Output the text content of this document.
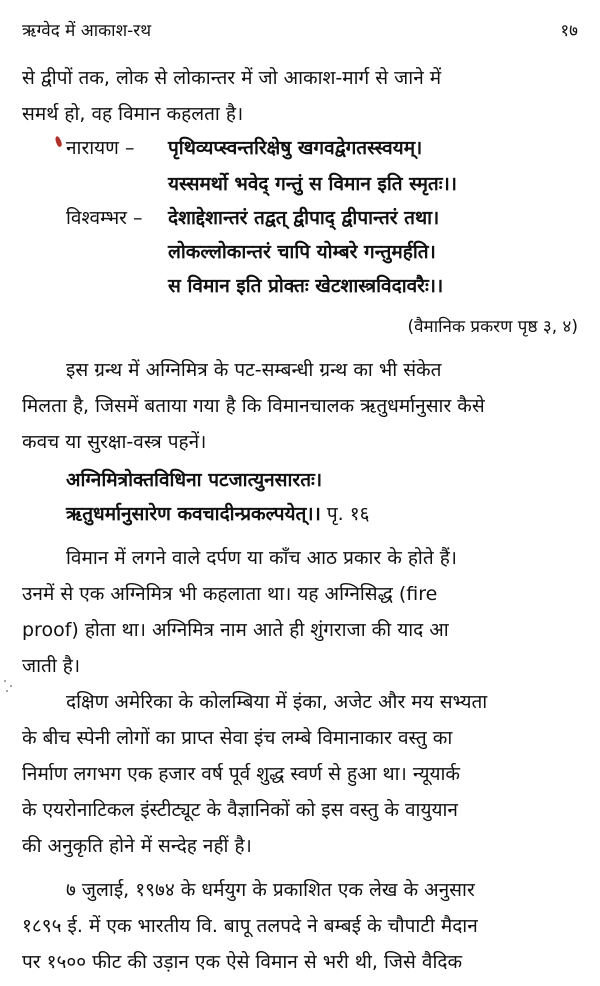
ऋग्वेद में आकाश-रथ	१७
से द्वीपों तक, लोक से लोकान्तर में जो आकाश-मार्ग से जाने में
समर्थ हो, वह विमान कहलता है।
नारायण – पृथिव्यप्स्वन्तरिक्षेषु खगवद्वेगतस्स्वयम्।
यस्समर्थो भवेद् गन्तुं स विमान इति स्मृतः।।
विश्वम्भर – देशाद्देशान्तरं तद्वत् द्वीपाद् द्वीपान्तरं तथा।
लोकल्लोकान्तरं चापि योम्बरे गन्तुमर्हति।
स विमान इति प्रोक्तः खेटशास्त्रविदावरैः।।
(वैमानिक प्रकरण पृष्ठ ३, ४)
इस ग्रन्थ में अग्निमित्र के पट-सम्बन्धी ग्रन्थ का भी संकेत
मिलता है, जिसमें बताया गया है कि विमानचालक ऋतुधर्मानुसार कैसे
कवच या सुरक्षा-वस्त्र पहनें।
अग्निमित्रोक्तविधिना पटजात्युनसारतः।
ऋतुधर्मानुसारेण कवचादीन्प्रकल्पयेत्।। पृ. १६
विमान में लगने वाले दर्पण या काँच आठ प्रकार के होते हैं।
उनमें से एक अग्निमित्र भी कहलाता था। यह अग्निसिद्ध (fire
proof) होता था। अग्निमित्र नाम आते ही शुंगराजा की याद आ
जाती है।
दक्षिण अमेरिका के कोलम्बिया में इंका, अजेट और मय सभ्यता
के बीच स्पेनी लोगों का प्राप्त सेवा इंच लम्बे विमानाकार वस्तु का
निर्माण लगभग एक हजार वर्ष पूर्व शुद्ध स्वर्ण से हुआ था। न्यूयार्क
के एयरोनाटिकल इंस्टीट्यूट के वैज्ञानिकों को इस वस्तु के वायुयान
की अनुकृति होने में सन्देह नहीं है।
७ जुलाई, १९७४ के धर्मयुग के प्रकाशित एक लेख के अनुसार
१८९५ ई. में एक भारतीय वि. बापू तलपदे ने बम्बई के चौपाटी मैदान
पर १५०० फीट की उड़ान एक ऐसे विमान से भरी थी, जिसे वैदिक
